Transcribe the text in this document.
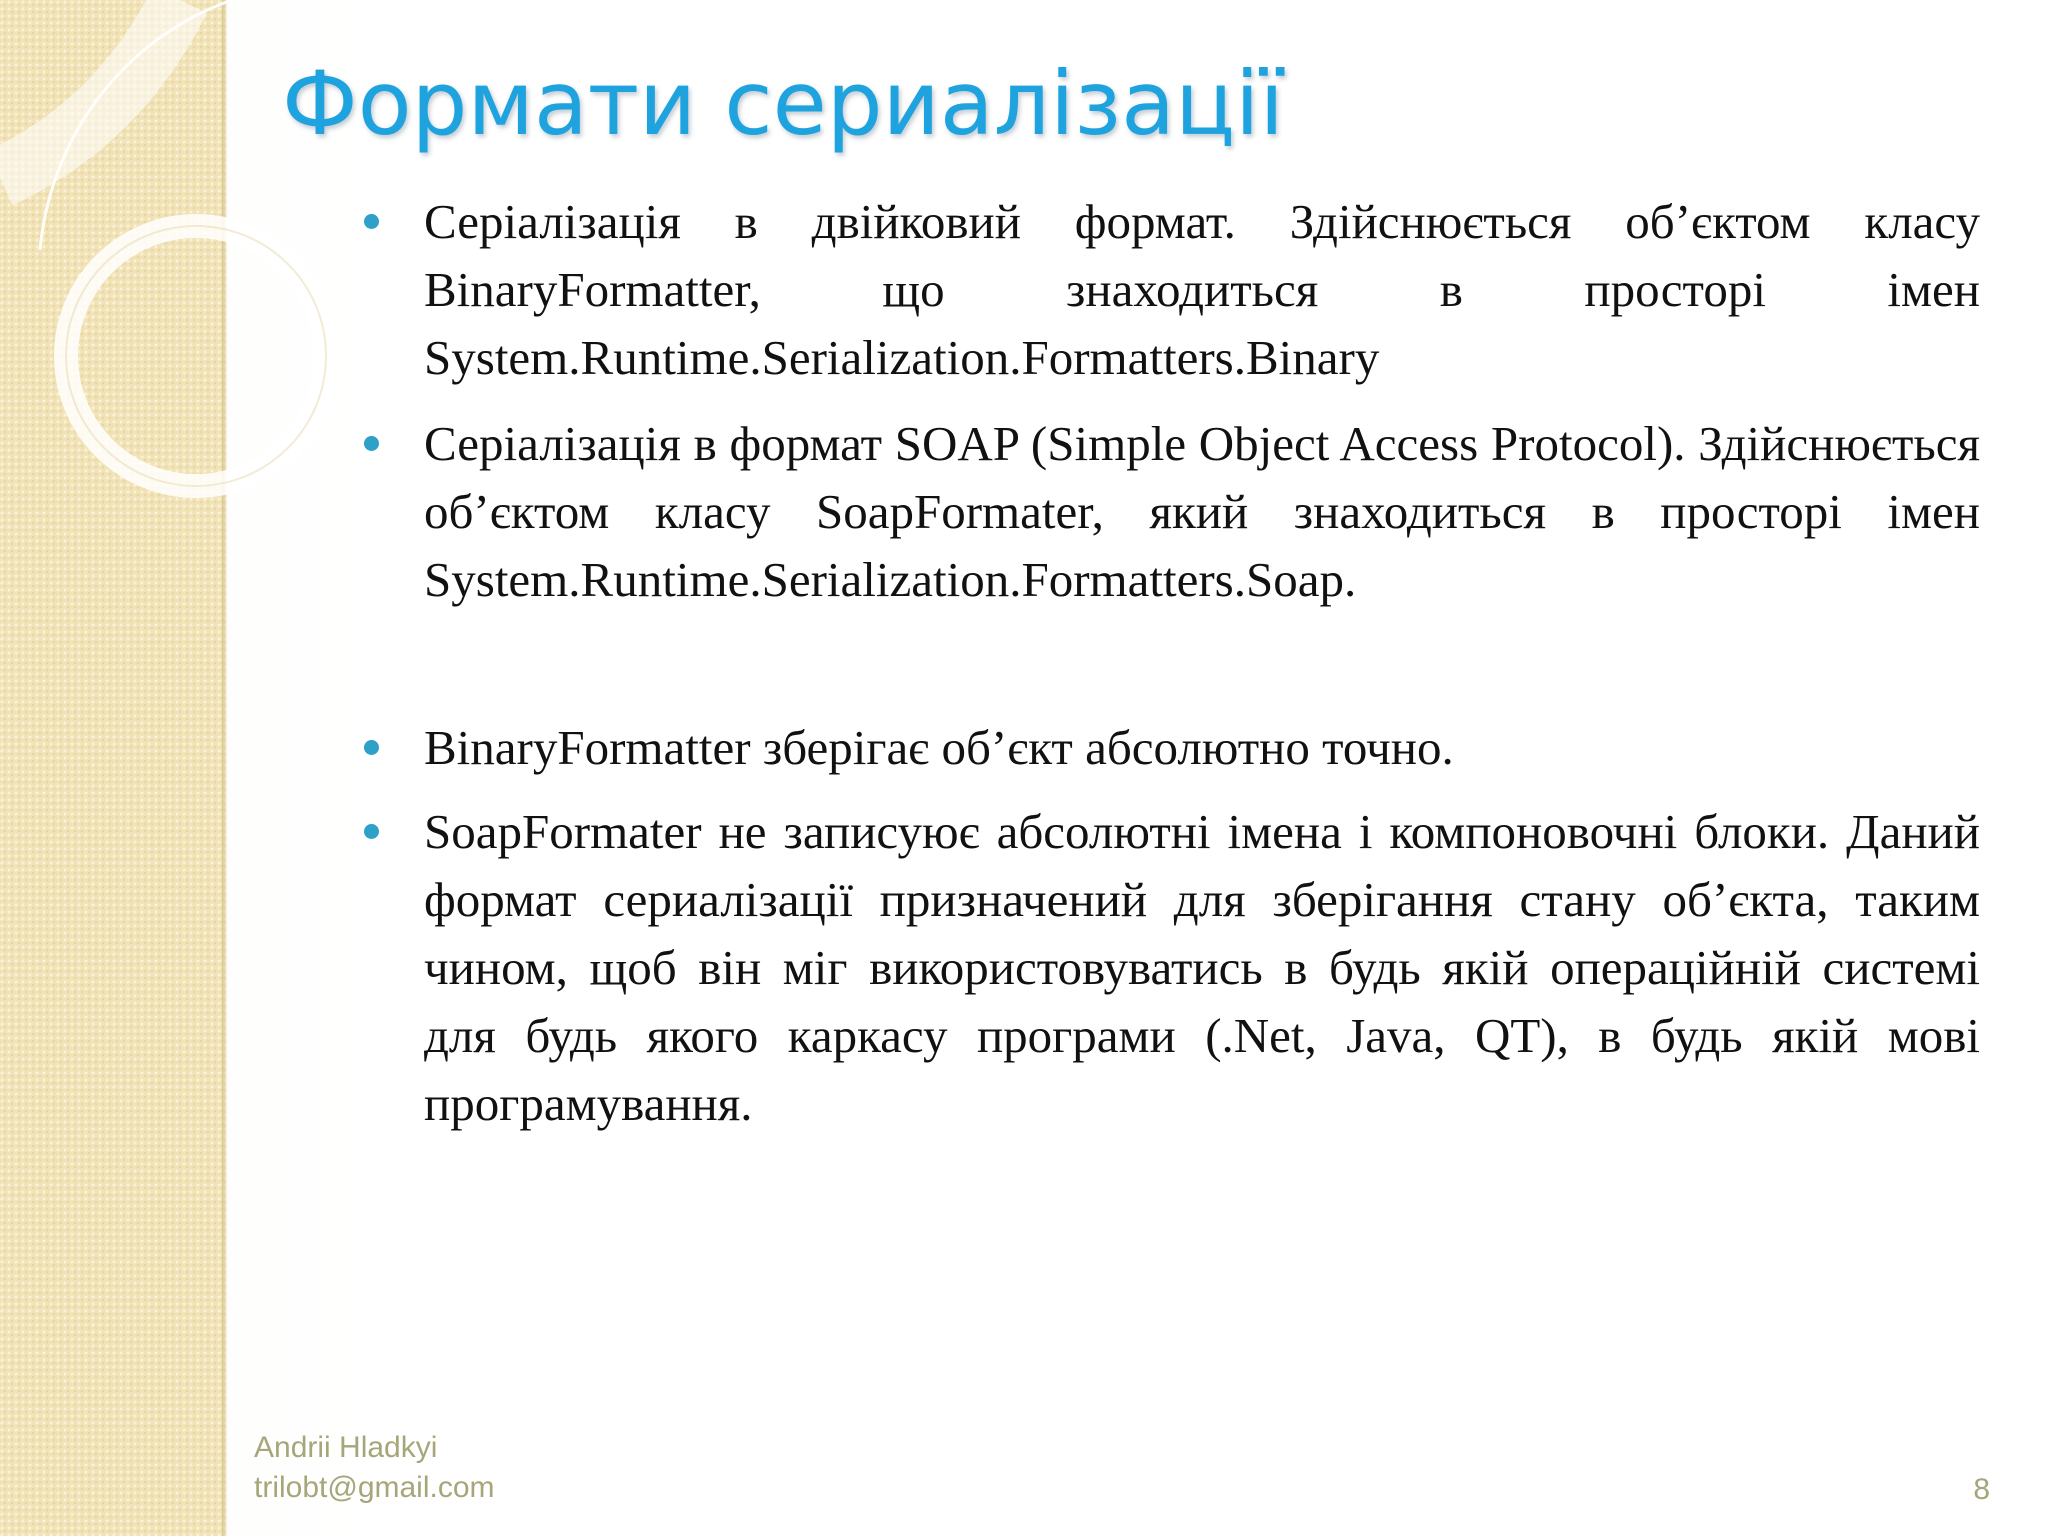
Формати сериалізації
Серіалізація в двійковий формат. Здійснюється об’єктом класу BinaryFormatter, що знаходиться в просторі імен System.Runtime.Serialization.Formatters.Binary
Серіалізація в формат SOAP (Simple Object Access Protocol). Здійснюється об’єктом класу SoapFormater, який знаходиться в просторі імен System.Runtime.Serialization.Formatters.Soap.
BinaryFormatter зберігає об’єкт абсолютно точно.
SoapFormater не записуює абсолютні імена і компоновочні блоки. Даний формат сериалізації призначений для зберігання стану об’єкта, таким чином, щоб він міг використовуватись в будь якій операційній системі для будь якого каркасу програми (.Net, Java, QT), в будь якій мові програмування.

Andrii Hladkyi

trilobt@gmail.com	8
